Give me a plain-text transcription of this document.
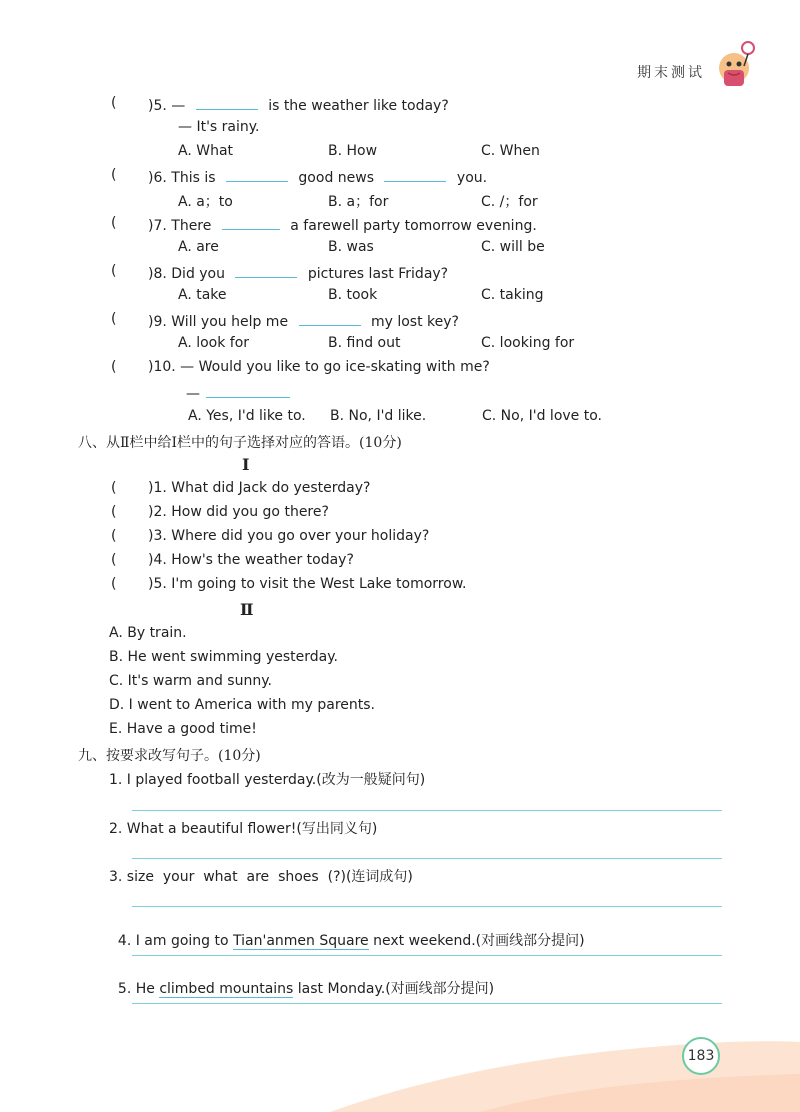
期末测试
( )5. —	is the weather like today?
— It's rainy.
A. What	B. How	C. When
( )6. This is	good news	you.
A. a；to	B. a；for	C. /；for
( )7. There	a farewell party tomorrow evening.
A. are	B. was	C. will be
( )8. Did you	pictures last Friday?
A. take	B. took	C. taking
( )9. Will you help me	my lost key?
A. look for	B. find out	C. looking for
( )10. — Would you like to go ice-skating with me?
—
A. Yes, I'd like to. B. No, I'd like.	C. No, I'd love to.
八、从Ⅱ栏中给Ⅰ栏中的句子选择对应的答语。(10分)
Ⅰ
( )1. What did Jack do yesterday?
( )2. How did you go there?
( )3. Where did you go over your holiday?
( )4. How's the weather today?
( )5. I'm going to visit the West Lake tomorrow.
Ⅱ
A. By train.
B. He went swimming yesterday.
C. It's warm and sunny.
D. I went to America with my parents.
E. Have a good time!
九、按要求改写句子。(10分)
1. I played football yesterday.(改为一般疑问句)
2. What a beautiful flower!(写出同义句)
3. size  your  what  are  shoes  (?)(连词成句)

4. I am going to Tian'anmen Square next weekend.(对画线部分提问)

5. He climbed mountains last Monday.(对画线部分提问)

183
